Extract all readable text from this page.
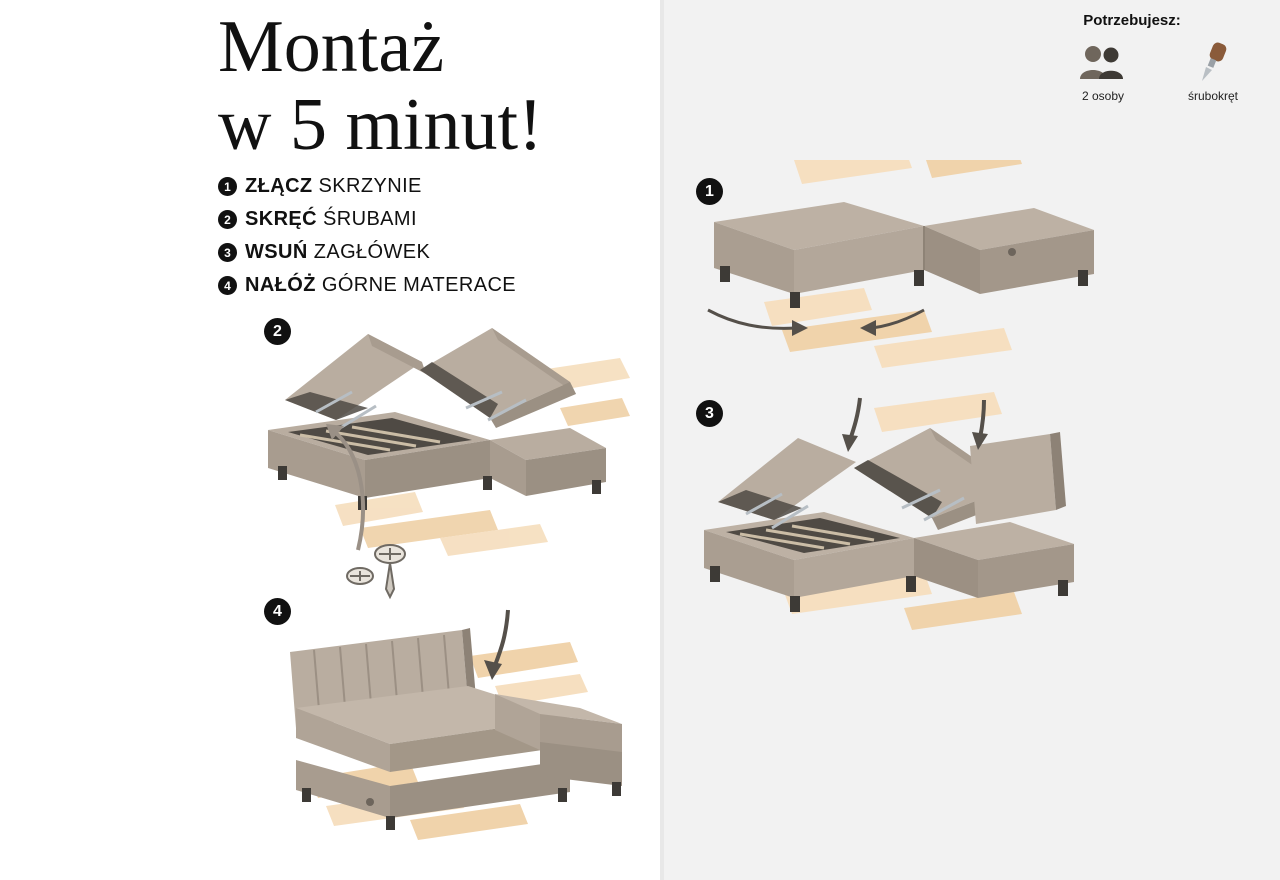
Montaż
w 5 minut!
1 ZŁĄCZ SKRZYNIE
2 SKRĘĆ ŚRUBAMI
3 WSUŃ ZAGŁÓWEK
4 NAŁÓŻ GÓRNE MATERACE
2
4
Potrzebujesz:
2 osoby	śrubokręt
1
3
